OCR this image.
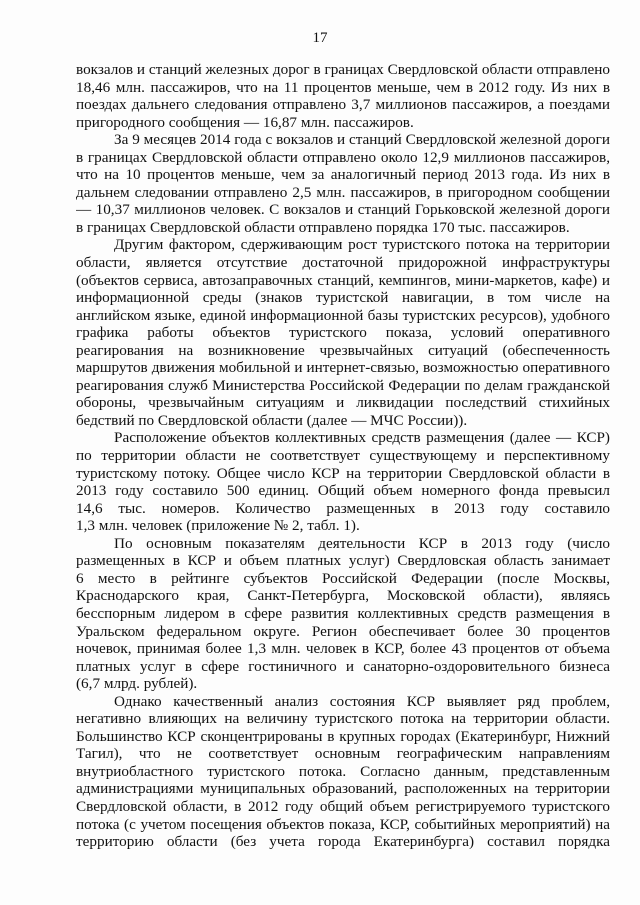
17
вокзалов и станций железных дорог в границах Свердловской области отправлено
18,46 млн. пассажиров, что на 11 процентов меньше, чем в 2012 году. Из них в
поездах дальнего следования отправлено 3,7 миллионов пассажиров, а поездами
пригородного сообщения — 16,87 млн. пассажиров.
За 9 месяцев 2014 года с вокзалов и станций Свердловской железной дороги
в границах Свердловской области отправлено около 12,9 миллионов пассажиров,
что на 10 процентов меньше, чем за аналогичный период 2013 года. Из них в
дальнем следовании отправлено 2,5 млн. пассажиров, в пригородном сообщении
— 10,37 миллионов человек. С вокзалов и станций Горьковской железной дороги
в границах Свердловской области отправлено порядка 170 тыс. пассажиров.
Другим фактором, сдерживающим рост туристского потока на территории
области, является отсутствие достаточной придорожной инфраструктуры
(объектов сервиса, автозаправочных станций, кемпингов, мини-маркетов, кафе) и
информационной среды (знаков туристской навигации, в том числе на
английском языке, единой информационной базы туристских ресурсов), удобного
графика работы объектов туристского показа, условий оперативного
реагирования на возникновение чрезвычайных ситуаций (обеспеченность
маршрутов движения мобильной и интернет-связью, возможностью оперативного
реагирования служб Министерства Российской Федерации по делам гражданской
обороны, чрезвычайным ситуациям и ликвидации последствий стихийных
бедствий по Свердловской области (далее — МЧС России)).
Расположение объектов коллективных средств размещения (далее — КСР)
по территории области не соответствует существующему и перспективному
туристскому потоку. Общее число КСР на территории Свердловской области в
2013 году составило 500 единиц. Общий объем номерного фонда превысил
14,6 тыс. номеров. Количество размещенных в 2013 году составило
1,3 млн. человек (приложение № 2, табл. 1).
По основным показателям деятельности КСР в 2013 году (число
размещенных в КСР и объем платных услуг) Свердловская область занимает
6 место в рейтинге субъектов Российской Федерации (после Москвы,
Краснодарского края, Санкт-Петербурга, Московской области), являясь
бесспорным лидером в сфере развития коллективных средств размещения в
Уральском федеральном округе. Регион обеспечивает более 30 процентов
ночевок, принимая более 1,3 млн. человек в КСР, более 43 процентов от объема
платных услуг в сфере гостиничного и санаторно-оздоровительного бизнеса
(6,7 млрд. рублей).
Однако качественный анализ состояния КСР выявляет ряд проблем,
негативно влияющих на величину туристского потока на территории области.
Большинство КСР сконцентрированы в крупных городах (Екатеринбург, Нижний
Тагил), что не соответствует основным географическим направлениям
внутриобластного туристского потока. Согласно данным, представленным
администрациями муниципальных образований, расположенных на территории
Свердловской области, в 2012 году общий объем регистрируемого туристского
потока (с учетом посещения объектов показа, КСР, событийных мероприятий) на
территорию области (без учета города Екатеринбурга) составил порядка
